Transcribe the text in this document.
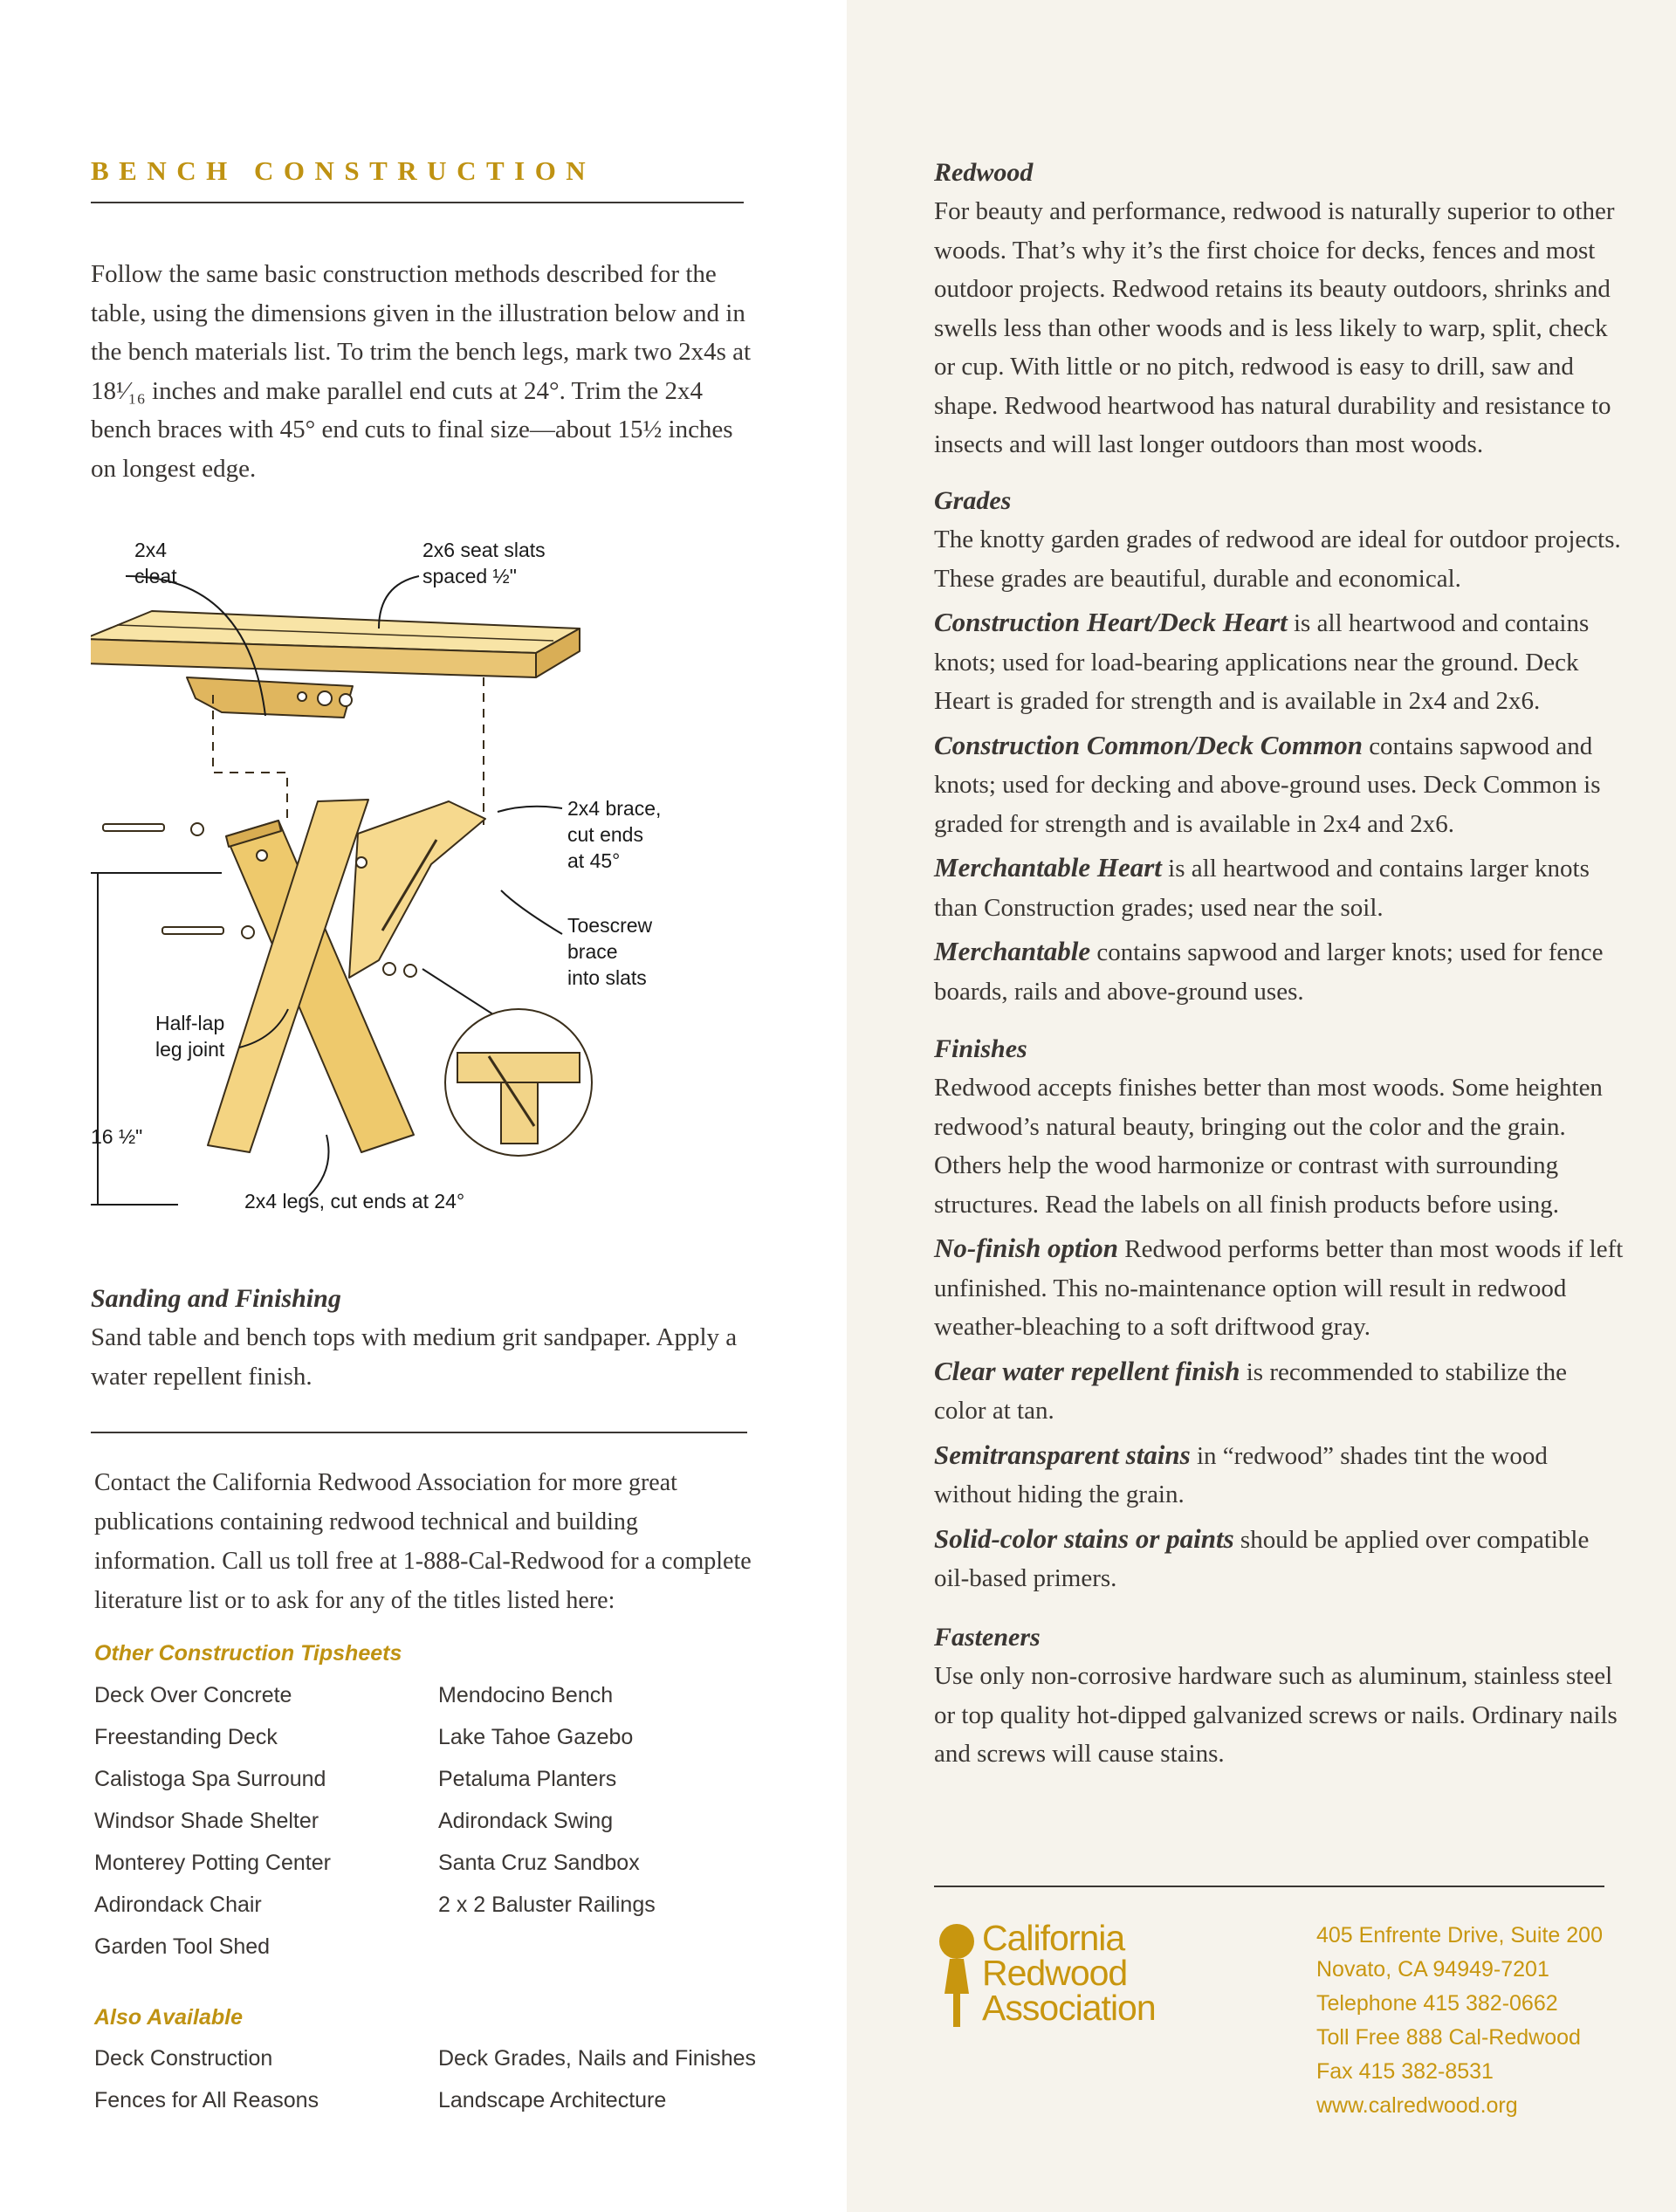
BENCH CONSTRUCTION
Follow the same basic construction methods described for the table, using the dimensions given in the illustration below and in the bench materials list. To trim the bench legs, mark two 2x4s at 18¹⁄₁₆ inches and make parallel end cuts at 24°. Trim the 2x4 bench braces with 45° end cuts to final size—about 15½ inches on longest edge.
Sanding and Finishing
Sand table and bench tops with medium grit sandpaper. Apply a water repellent finish.
Contact the California Redwood Association for more great publications containing redwood technical and building information. Call us toll free at 1-888-Cal-Redwood for a complete literature list or to ask for any of the titles listed here:
Other Construction Tipsheets
Deck Over Concrete
Freestanding Deck
Calistoga Spa Surround
Windsor Shade Shelter
Monterey Potting Center
Adirondack Chair
Garden Tool Shed
Mendocino Bench
Lake Tahoe Gazebo
Petaluma Planters
Adirondack Swing
Santa Cruz Sandbox
2 x 2 Baluster Railings
Also Available
Deck Construction
Fences for All Reasons
Deck Grades, Nails and Finishes
Landscape Architecture
2x4
cleat
2x6 seat slats
spaced ½"
2x4 brace,
cut ends
at 45°
Toescrew
brace
into slats
Half-lap
leg joint
16 ½"
2x4 legs, cut ends at 24°
Redwood

For beauty and performance, redwood is naturally superior to other woods. That’s why it’s the first choice for decks, fences and most outdoor projects. Redwood retains its beauty outdoors, shrinks and swells less than other woods and is less likely to warp, split, check or cup. With little or no pitch, redwood is easy to drill, saw and shape. Redwood heartwood has natural durability and resistance to insects and will last longer outdoors than most woods.

Grades

The knotty garden grades of redwood are ideal for outdoor projects. These grades are beautiful, durable and economical.

Construction Heart/Deck Heart is all heartwood and contains knots; used for load-bearing applications near the ground. Deck Heart is graded for strength and is available in 2x4 and 2x6.

Construction Common/Deck Common contains sapwood and knots; used for decking and above-ground uses. Deck Common is graded for strength and is available in 2x4 and 2x6.

Merchantable Heart is all heartwood and contains larger knots than Construction grades; used near the soil.

Merchantable contains sapwood and larger knots; used for fence boards, rails and above-ground uses.

Finishes

Redwood accepts finishes better than most woods. Some heighten redwood’s natural beauty, bringing out the color and the grain. Others help the wood harmonize or contrast with surrounding structures. Read the labels on all finish products before using.

No-finish option Redwood performs better than most woods if left unfinished. This no-maintenance option will result in redwood weather-bleaching to a soft driftwood gray.

Clear water repellent finish is recommended to stabilize the color at tan.

Semitransparent stains in “redwood” shades tint the wood without hiding the grain.

Solid-color stains or paints should be applied over compatible oil-based primers.

Fasteners

Use only non-corrosive hardware such as aluminum, stainless steel or top quality hot-dipped galvanized screws or nails. Ordinary nails and screws will cause stains.

California
Redwood
Association
405 Enfrente Drive, Suite 200
Novato, CA 94949-7201
Telephone 415 382-0662
Toll Free 888 Cal-Redwood
Fax 415 382-8531
www.calredwood.org
